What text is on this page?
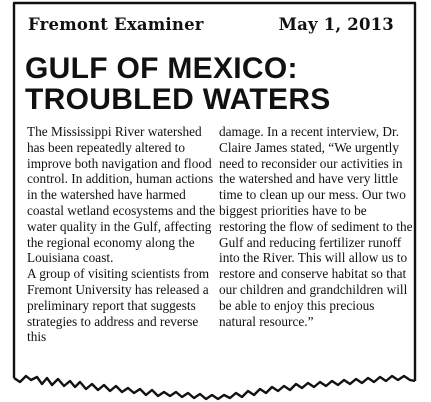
Fremont Examiner	May 1, 2013
GULF OF MEXICO:
TROUBLED WATERS

The Mississippi River watershed has been repeatedly altered to improve both navigation and flood control. In addition, human actions in the watershed have harmed coastal wetland ecosystems and the water quality in the Gulf, affecting the regional economy along the Louisiana coast.

A group of visiting scientists from Fremont University has released a preliminary report that suggests strategies to address and reverse this

damage. In a recent interview, Dr. Claire James stated, “We urgently need to reconsider our activities in the watershed and have very little time to clean up our mess. Our two biggest priorities have to be restoring the flow of sediment to the Gulf and reducing fertilizer runoff into the River. This will allow us to restore and conserve habitat so that our children and grandchildren will be able to enjoy this precious natural resource.”
